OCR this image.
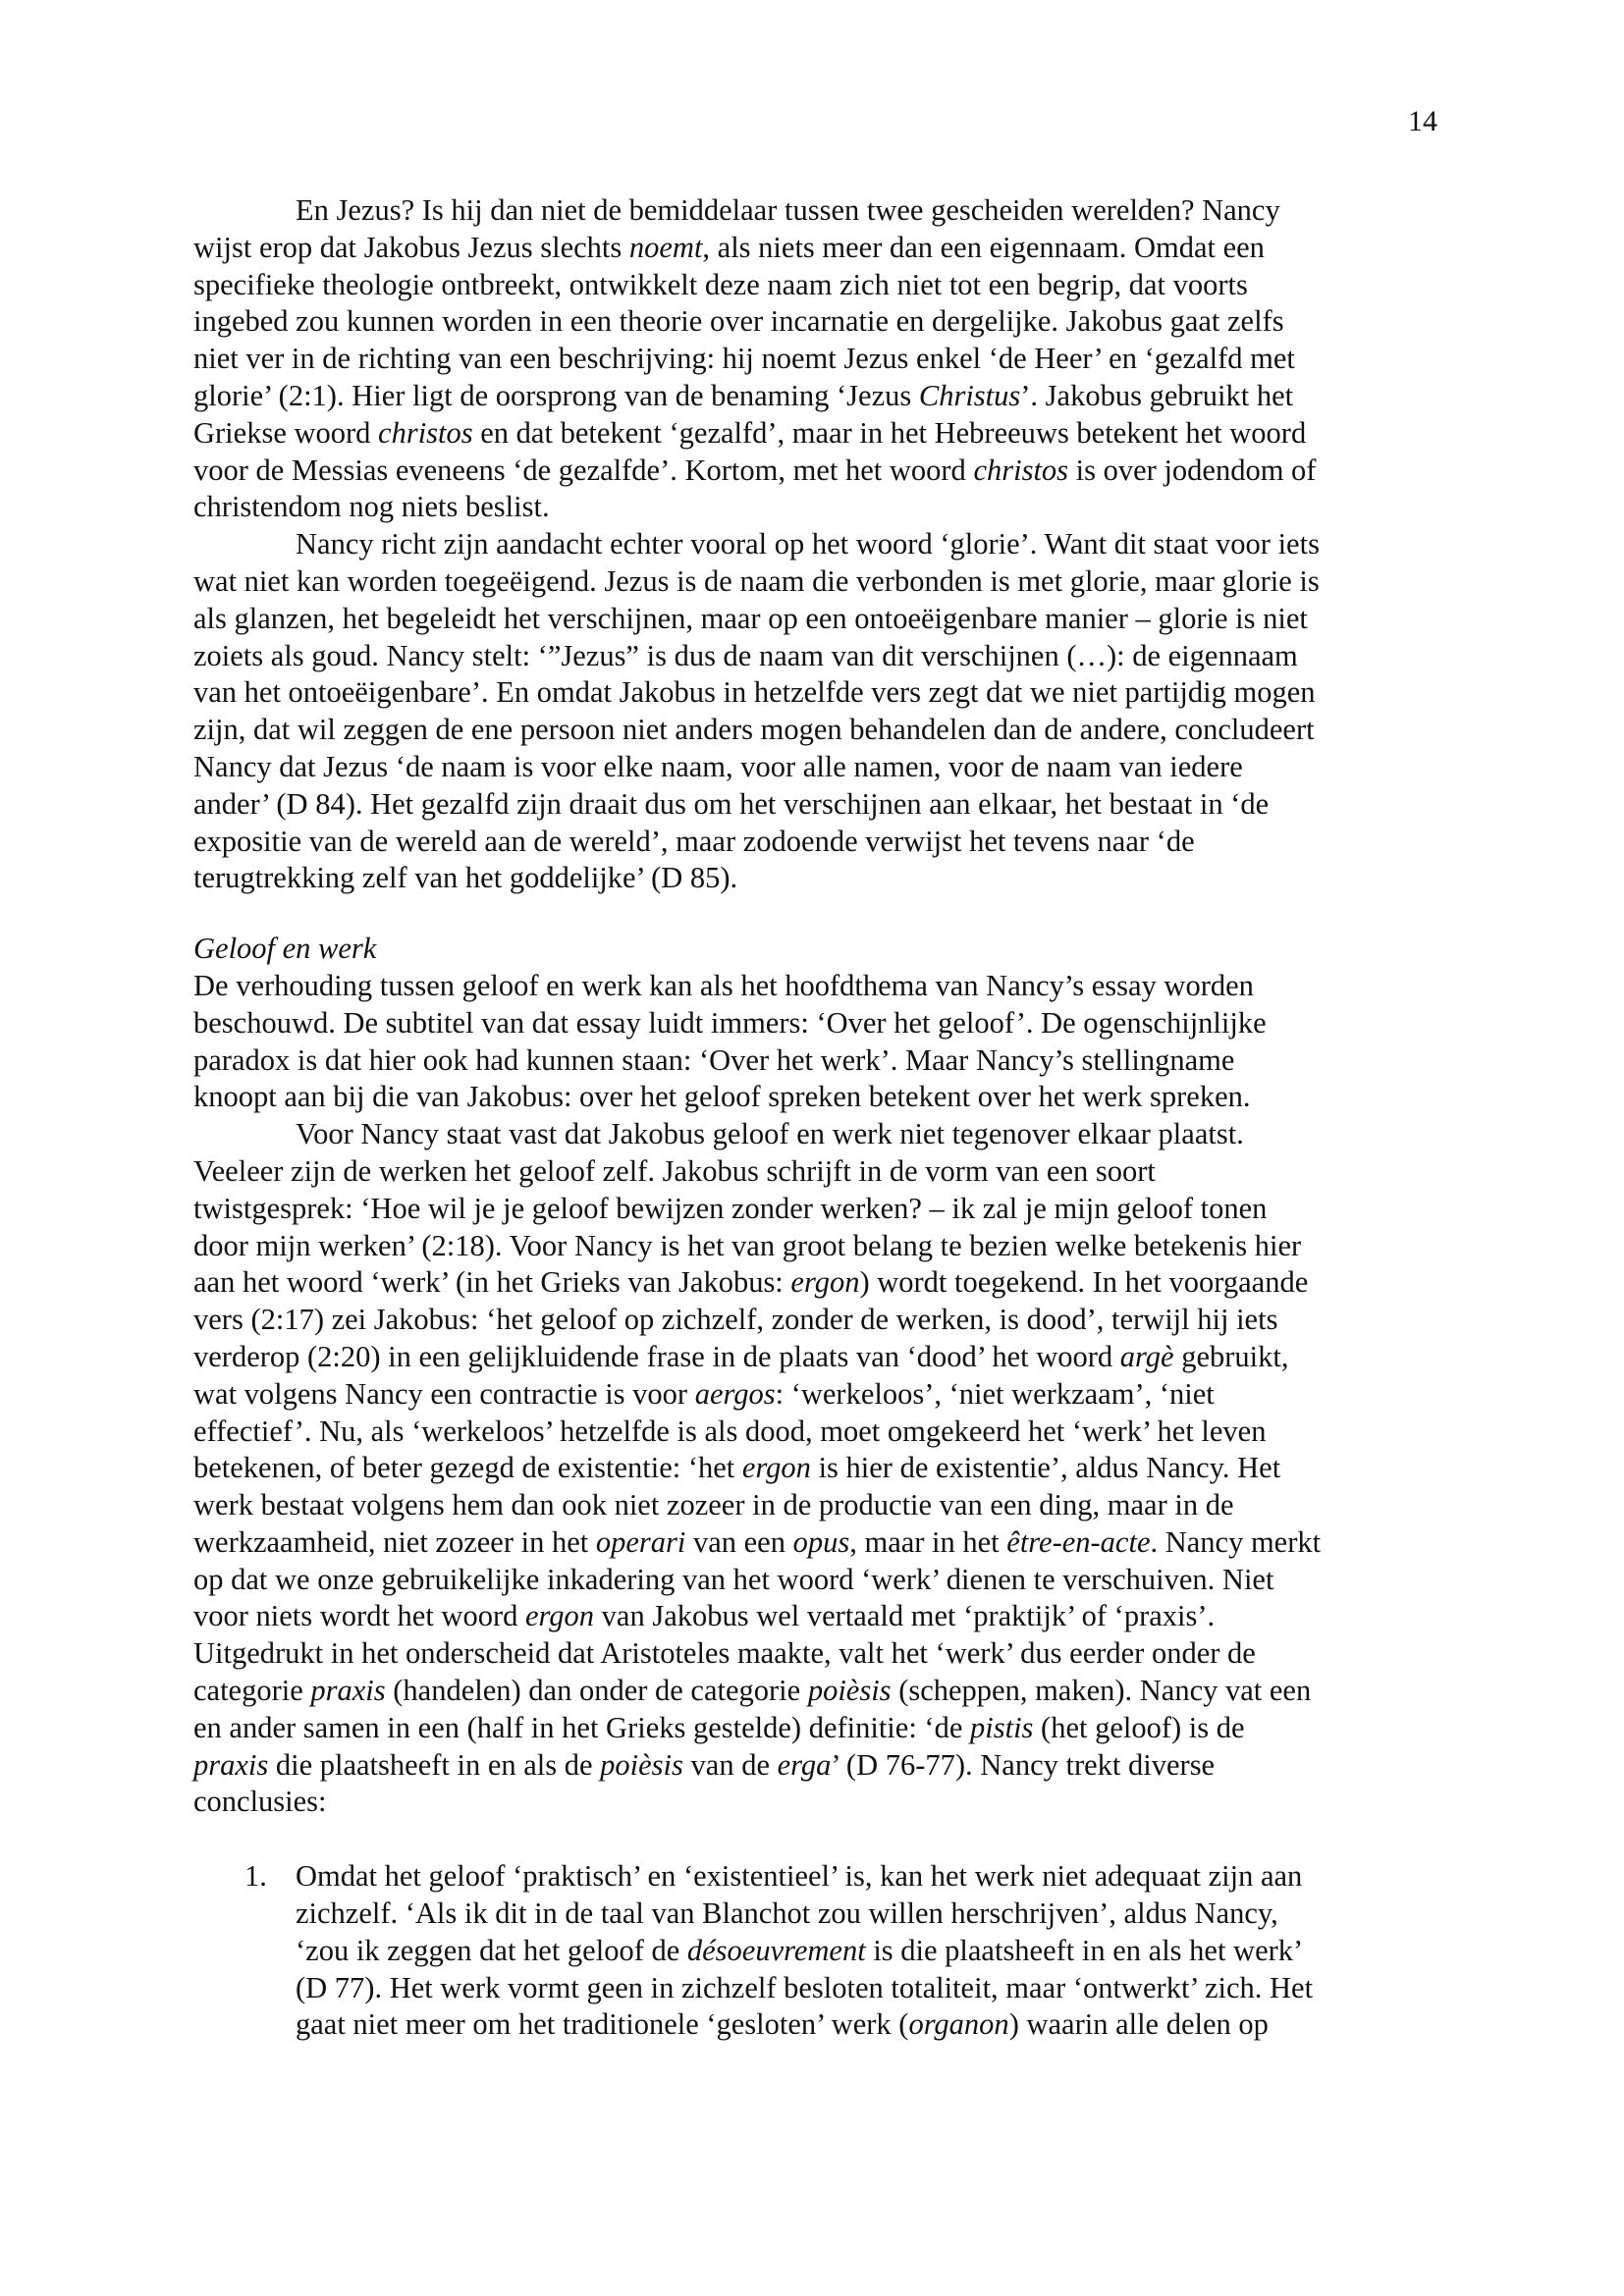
14
En Jezus? Is hij dan niet de bemiddelaar tussen twee gescheiden werelden? Nancy
wijst erop dat Jakobus Jezus slechts noemt, als niets meer dan een eigennaam. Omdat een
specifieke theologie ontbreekt, ontwikkelt deze naam zich niet tot een begrip, dat voorts
ingebed zou kunnen worden in een theorie over incarnatie en dergelijke. Jakobus gaat zelfs
niet ver in de richting van een beschrijving: hij noemt Jezus enkel ‘de Heer’ en ‘gezalfd met
glorie’ (2:1). Hier ligt de oorsprong van de benaming ‘Jezus Christus’. Jakobus gebruikt het
Griekse woord christos en dat betekent ‘gezalfd’, maar in het Hebreeuws betekent het woord
voor de Messias eveneens ‘de gezalfde’. Kortom, met het woord christos is over jodendom of
christendom nog niets beslist.
Nancy richt zijn aandacht echter vooral op het woord ‘glorie’. Want dit staat voor iets
wat niet kan worden toegeëigend. Jezus is de naam die verbonden is met glorie, maar glorie is
als glanzen, het begeleidt het verschijnen, maar op een ontoeëigenbare manier – glorie is niet
zoiets als goud. Nancy stelt: ‘”Jezus” is dus de naam van dit verschijnen (…): de eigennaam
van het ontoeëigenbare’. En omdat Jakobus in hetzelfde vers zegt dat we niet partijdig mogen
zijn, dat wil zeggen de ene persoon niet anders mogen behandelen dan de andere, concludeert
Nancy dat Jezus ‘de naam is voor elke naam, voor alle namen, voor de naam van iedere
ander’ (D 84). Het gezalfd zijn draait dus om het verschijnen aan elkaar, het bestaat in ‘de
expositie van de wereld aan de wereld’, maar zodoende verwijst het tevens naar ‘de
terugtrekking zelf van het goddelijke’ (D 85).
Geloof en werk
De verhouding tussen geloof en werk kan als het hoofdthema van Nancy’s essay worden
beschouwd. De subtitel van dat essay luidt immers: ‘Over het geloof’. De ogenschijnlijke
paradox is dat hier ook had kunnen staan: ‘Over het werk’. Maar Nancy’s stellingname
knoopt aan bij die van Jakobus: over het geloof spreken betekent over het werk spreken.
Voor Nancy staat vast dat Jakobus geloof en werk niet tegenover elkaar plaatst.
Veeleer zijn de werken het geloof zelf. Jakobus schrijft in de vorm van een soort
twistgesprek: ‘Hoe wil je je geloof bewijzen zonder werken? – ik zal je mijn geloof tonen
door mijn werken’ (2:18). Voor Nancy is het van groot belang te bezien welke betekenis hier
aan het woord ‘werk’ (in het Grieks van Jakobus: ergon) wordt toegekend. In het voorgaande
vers (2:17) zei Jakobus: ‘het geloof op zichzelf, zonder de werken, is dood’, terwijl hij iets
verderop (2:20) in een gelijkluidende frase in de plaats van ‘dood’ het woord argè gebruikt,
wat volgens Nancy een contractie is voor aergos: ‘werkeloos’, ‘niet werkzaam’, ‘niet
effectief’. Nu, als ‘werkeloos’ hetzelfde is als dood, moet omgekeerd het ‘werk’ het leven
betekenen, of beter gezegd de existentie: ‘het ergon is hier de existentie’, aldus Nancy. Het
werk bestaat volgens hem dan ook niet zozeer in de productie van een ding, maar in de
werkzaamheid, niet zozeer in het operari van een opus, maar in het être-en-acte. Nancy merkt
op dat we onze gebruikelijke inkadering van het woord ‘werk’ dienen te verschuiven. Niet
voor niets wordt het woord ergon van Jakobus wel vertaald met ‘praktijk’ of ‘praxis’.
Uitgedrukt in het onderscheid dat Aristoteles maakte, valt het ‘werk’ dus eerder onder de
categorie praxis (handelen) dan onder de categorie poièsis (scheppen, maken). Nancy vat een
en ander samen in een (half in het Grieks gestelde) definitie: ‘de pistis (het geloof) is de
praxis die plaatsheeft in en als de poièsis van de erga’ (D 76-77). Nancy trekt diverse
conclusies:
1. Omdat het geloof ‘praktisch’ en ‘existentieel’ is, kan het werk niet adequaat zijn aan
zichzelf. ‘Als ik dit in de taal van Blanchot zou willen herschrijven’, aldus Nancy,
‘zou ik zeggen dat het geloof de désoeuvrement is die plaatsheeft in en als het werk’
(D 77). Het werk vormt geen in zichzelf besloten totaliteit, maar ‘ontwerkt’ zich. Het
gaat niet meer om het traditionele ‘gesloten’ werk (organon) waarin alle delen op
